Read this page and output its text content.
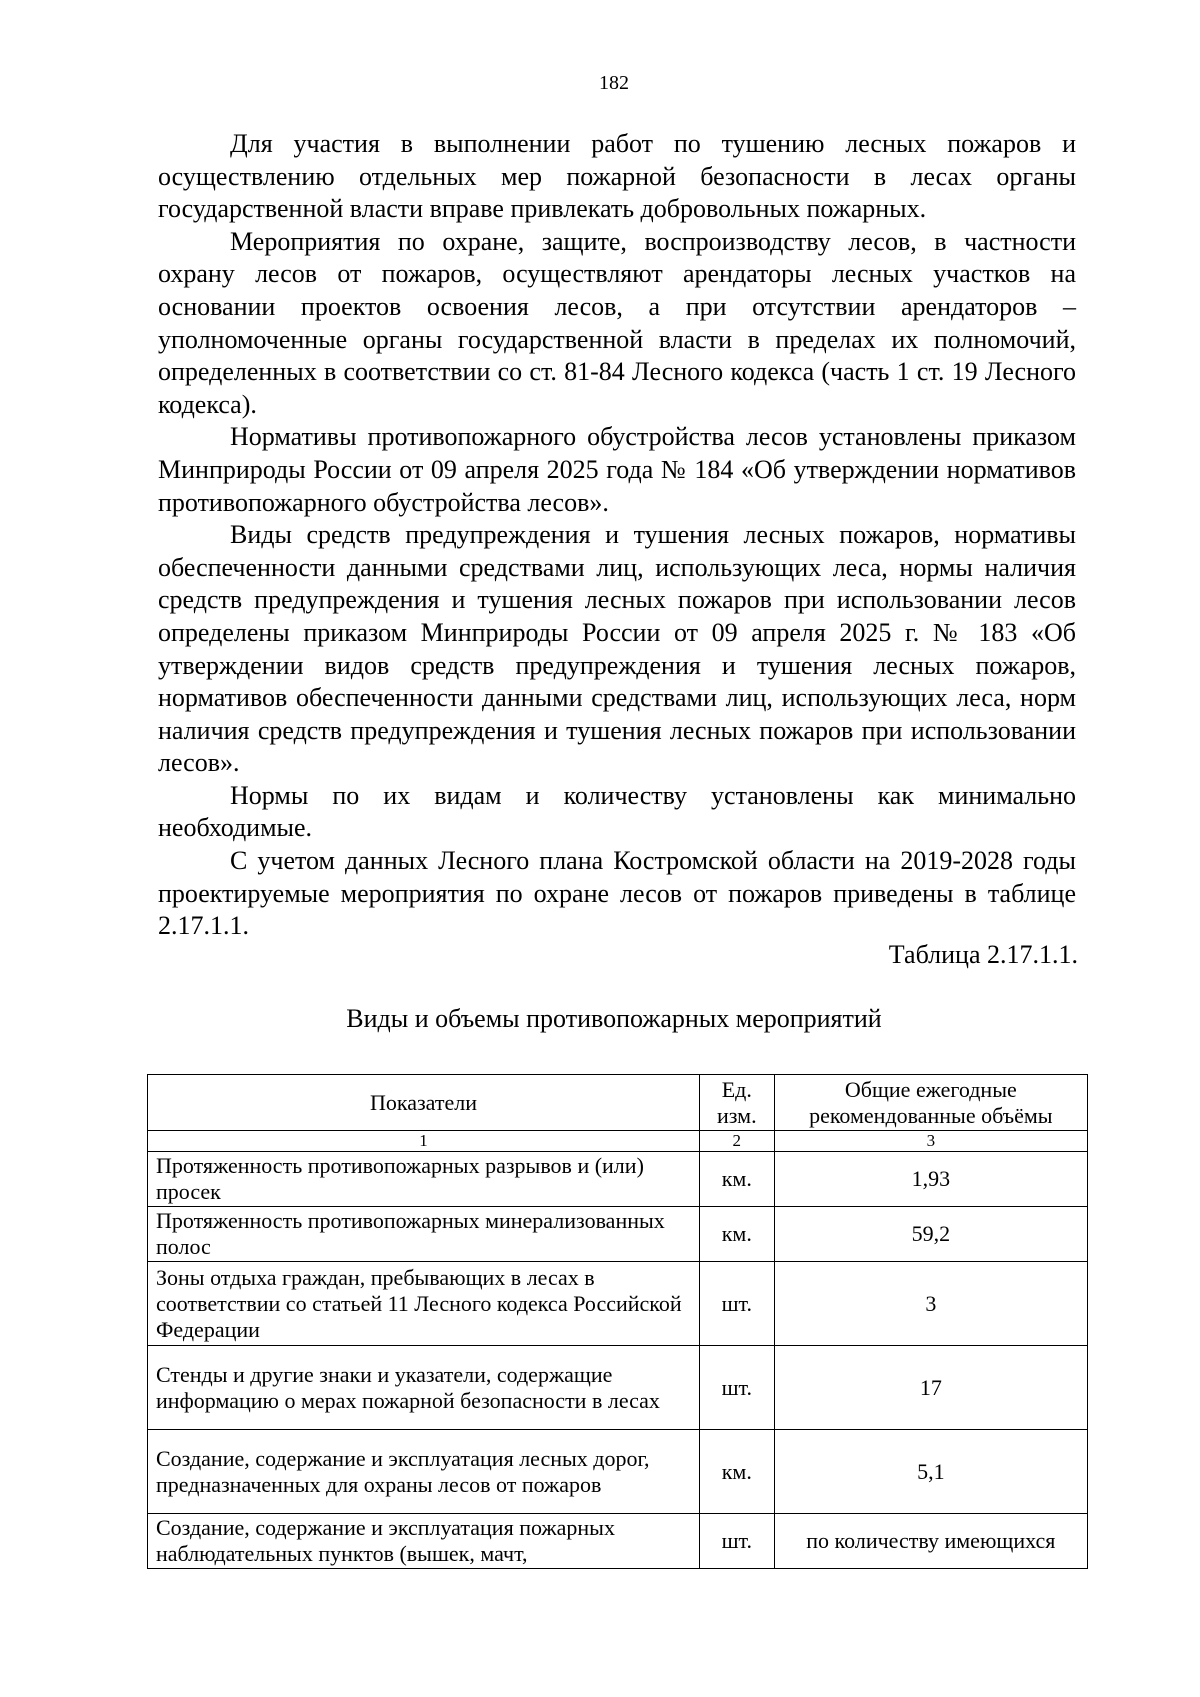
182

Для участия в выполнении работ по тушению лесных пожаров и осуществлению отдельных мер пожарной безопасности в лесах органы государственной власти вправе привлекать добровольных пожарных.

Мероприятия по охране, защите, воспроизводству лесов, в частности охрану лесов от пожаров, осуществляют арендаторы лесных участков на основании проектов освоения лесов, а при отсутствии арендаторов – уполномоченные органы государственной власти в пределах их полномочий, определенных в соответствии со ст. 81-84 Лесного кодекса (часть 1 ст. 19 Лесного кодекса).

Нормативы противопожарного обустройства лесов установлены приказом Минприроды России от 09 апреля 2025 года № 184 «Об утверждении нормативов противопожарного обустройства лесов».

Виды средств предупреждения и тушения лесных пожаров, нормативы обеспеченности данными средствами лиц, использующих леса, нормы наличия средств предупреждения и тушения лесных пожаров при использовании лесов определены приказом Минприроды России от 09 апреля 2025 г. № 183 «Об утверждении видов средств предупреждения и тушения лесных пожаров, нормативов обеспеченности данными средствами лиц, использующих леса, норм наличия средств предупреждения и тушения лесных пожаров при использовании лесов».

Нормы по их видам и количеству установлены как минимально необходимые.

С учетом данных Лесного плана Костромской области на 2019-2028 годы проектируемые мероприятия по охране лесов от пожаров приведены в таблице 2.17.1.1.

Таблица 2.17.1.1.
Виды и объемы противопожарных мероприятий
Показатели	Ед. изм.	Общие ежегодные рекомендованные объёмы
1	2	3
Протяженность противопожарных разрывов и (или) просек	км.	1,93
Протяженность противопожарных минерализованных полос	км.	59,2
Зоны отдыха граждан, пребывающих в лесах в соответствии со статьей 11 Лесного кодекса Российской Федерации	шт.	3
Стенды и другие знаки и указатели, содержащие информацию о мерах пожарной безопасности в лесах	шт.	17
Создание, содержание и эксплуатация лесных дорог, предназначенных для охраны лесов от пожаров	км.	5,1
Создание, содержание и эксплуатация пожарных наблюдательных пунктов (вышек, мачт,	шт.	по количеству имеющихся
